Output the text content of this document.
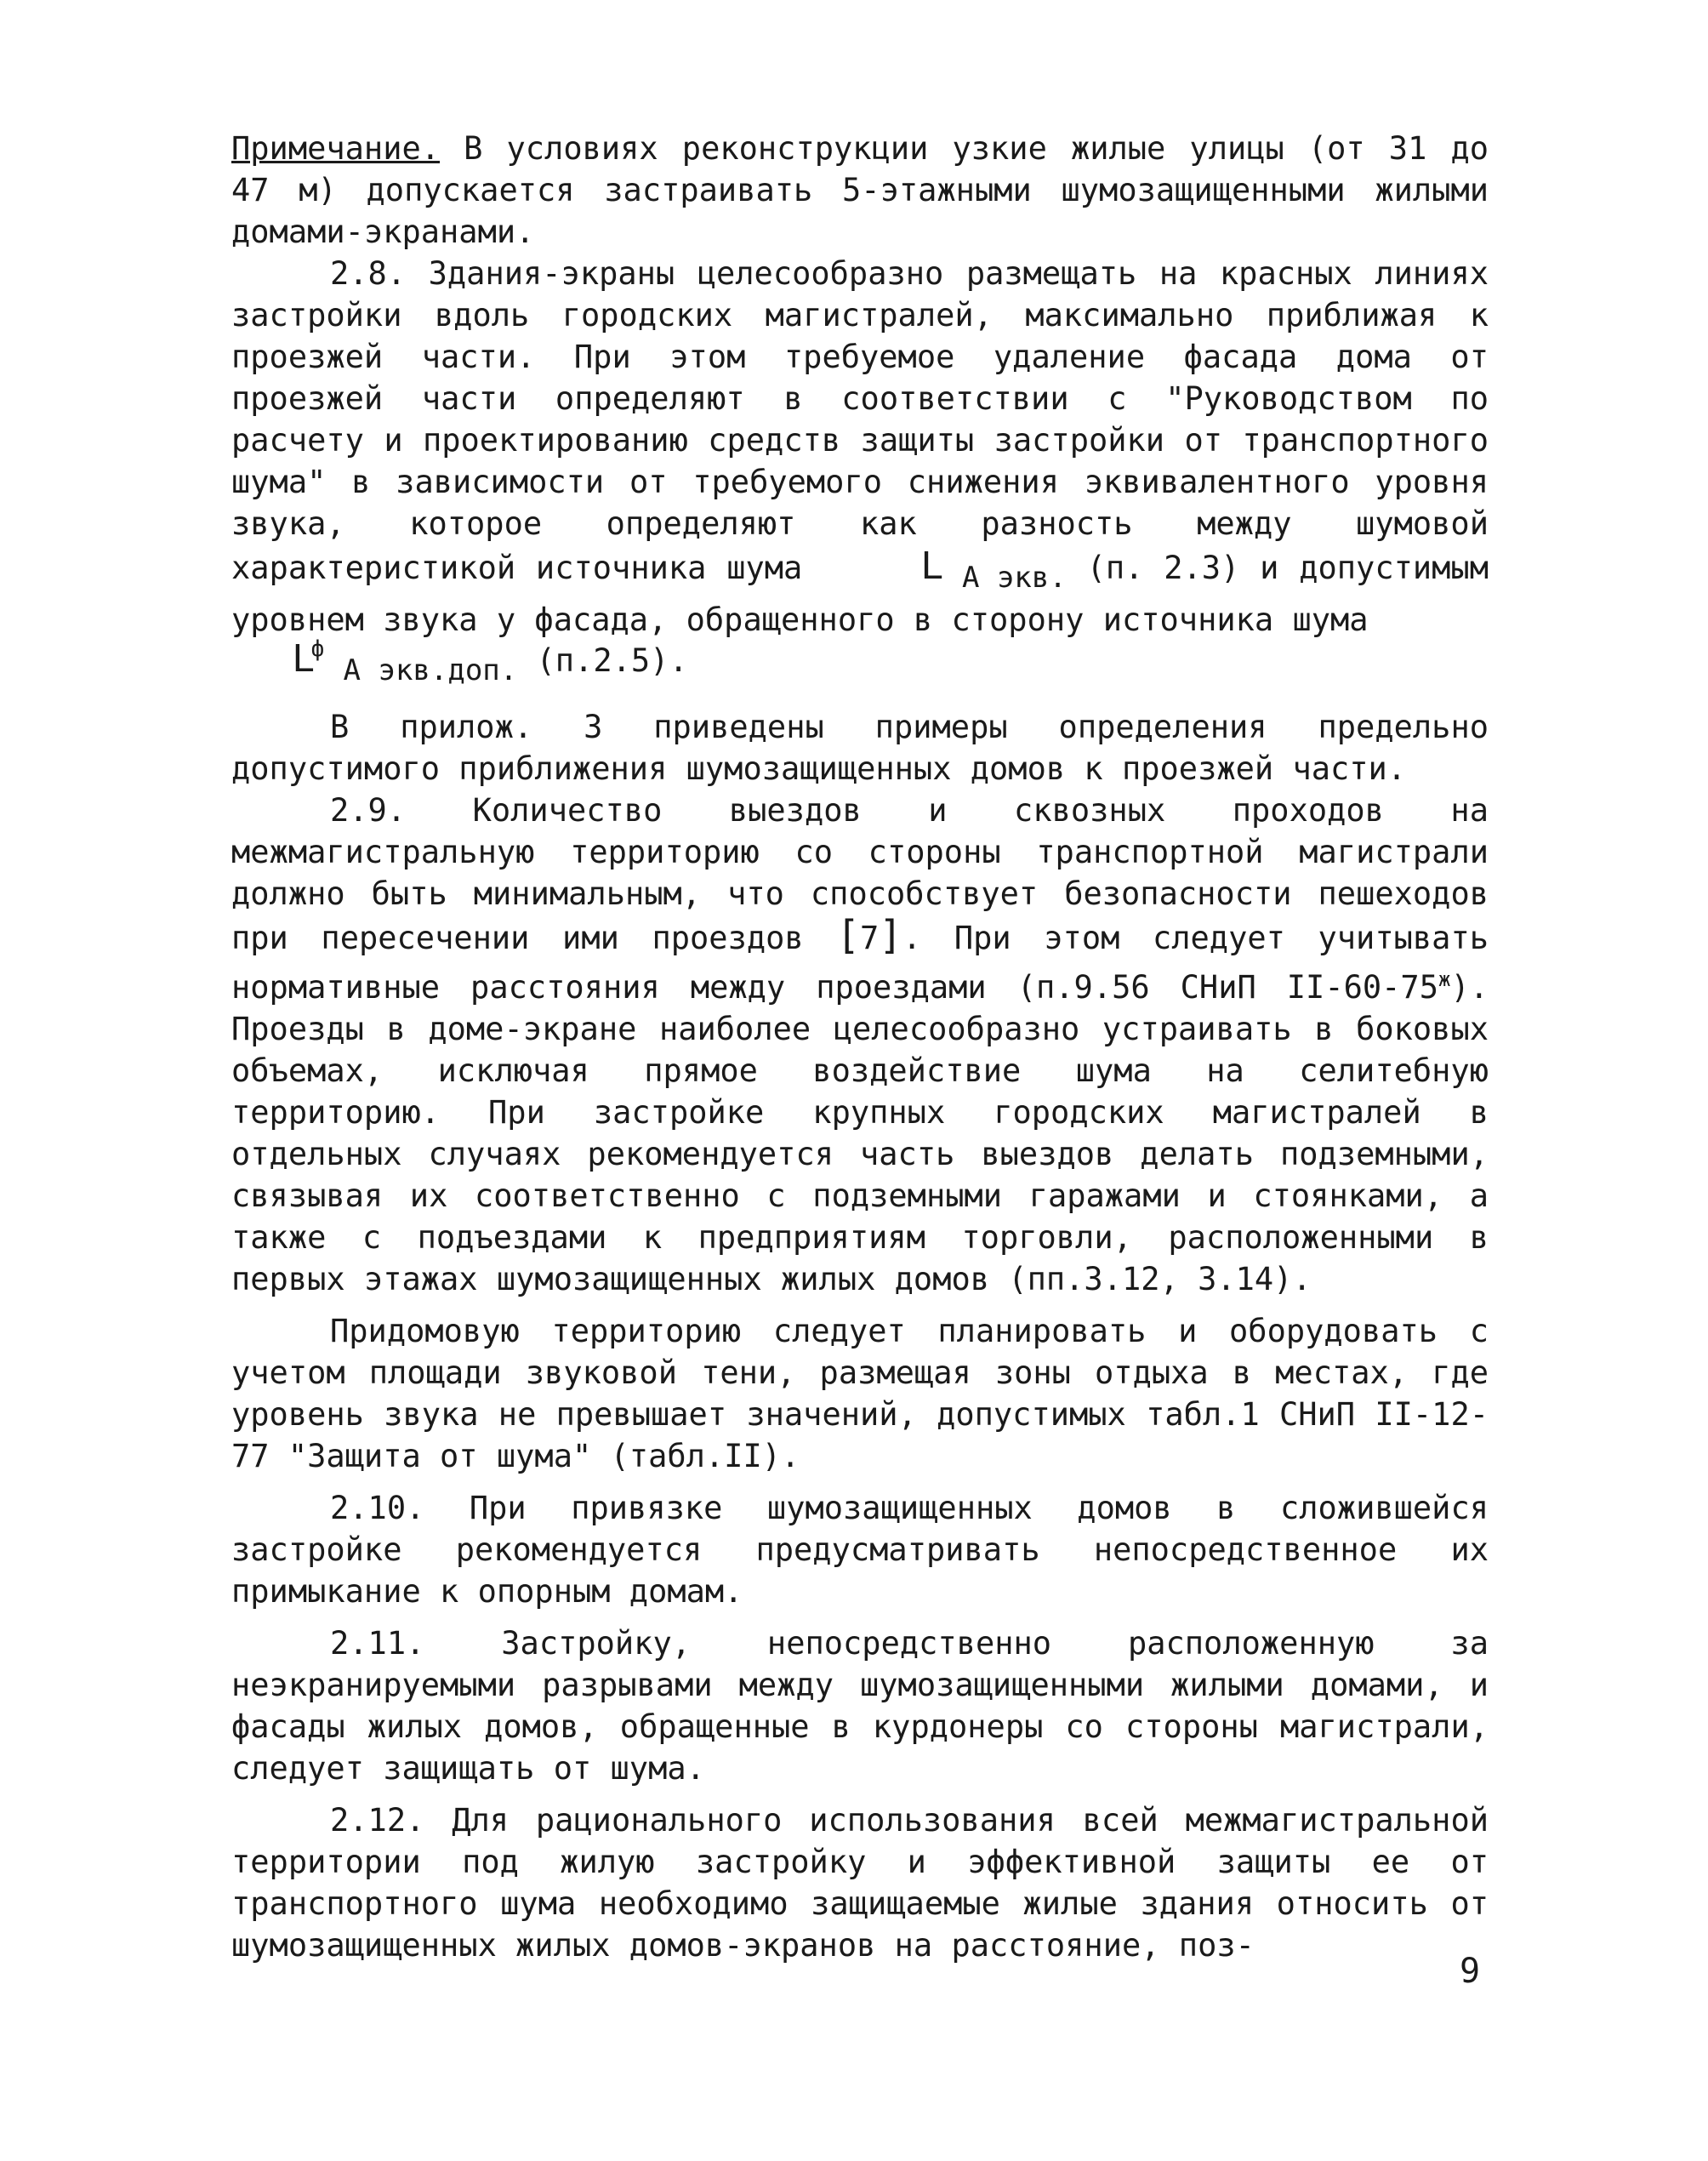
Примечание. В условиях реконструкции узкие жилые улицы (от 31 до 47 м) допускается застраивать 5-этажными шумозащищенными жилыми домами-экранами.

2.8. Здания-экраны целесообразно размещать на красных линиях застройки вдоль городских магистралей, максимально приближая к проезжей части. При этом требуемое удаление фасада дома от проезжей части определяют в соответствии с "Руководством по расчету и проектированию средств защиты застройки от транспортного шума" в зависимости от требуемого снижения эквивалентного уровня звука, которое определяют как разность между шумовой характеристикой источника шума	L А экв. (п. 2.3) и допустимым уровнем звука у фасада, обращенного в сторону источника шума

$L^ф$ А экв.доп. (п.2.5).

В прилож. 3 приведены примеры определения предельно допустимого приближения шумозащищенных домов к проезжей части.

2.9. Количество выездов и сквозных проходов на межмагистральную территорию со стороны транспортной магистрали должно быть минимальным, что способствует безопасности пешеходов при пересечении ими проездов [7]. При этом следует учитывать нормативные расстояния между проездами (п.9.56 СНиП $II-60-75^ж$). Проезды в доме-экране наиболее целесообразно устраивать в боковых объемах, исключая прямое воздействие шума на селитебную территорию. При застройке крупных городских магистралей в отдельных случаях рекомендуется часть выездов делать подземными, связывая их соответственно с подземными гаражами и стоянками, а также с подъездами к предприятиям торговли, расположенными в первых этажах шумозащищенных жилых домов (пп.3.12, 3.14).

Придомовую территорию следует планировать и оборудовать с учетом площади звуковой тени, размещая зоны отдыха в местах, где уровень звука не превышает значений, допустимых табл.1 СНиП II-12-77 "Защита от шума" (табл.II).

2.10. При привязке шумозащищенных домов в сложившейся застройке рекомендуется предусматривать непосредственное их примыкание к опорным домам.

2.11. Застройку, непосредственно расположенную за неэкранируемыми разрывами между шумозащищенными жилыми домами, и фасады жилых домов, обращенные в курдонеры со стороны магистрали, следует защищать от шума.

2.12. Для рационального использования всей межмагистральной территории под жилую застройку и эффективной защиты ее от транспортного шума необходимо защищаемые жилые здания относить от шумозащищенных жилых домов-экранов на расстояние, поз-

9
